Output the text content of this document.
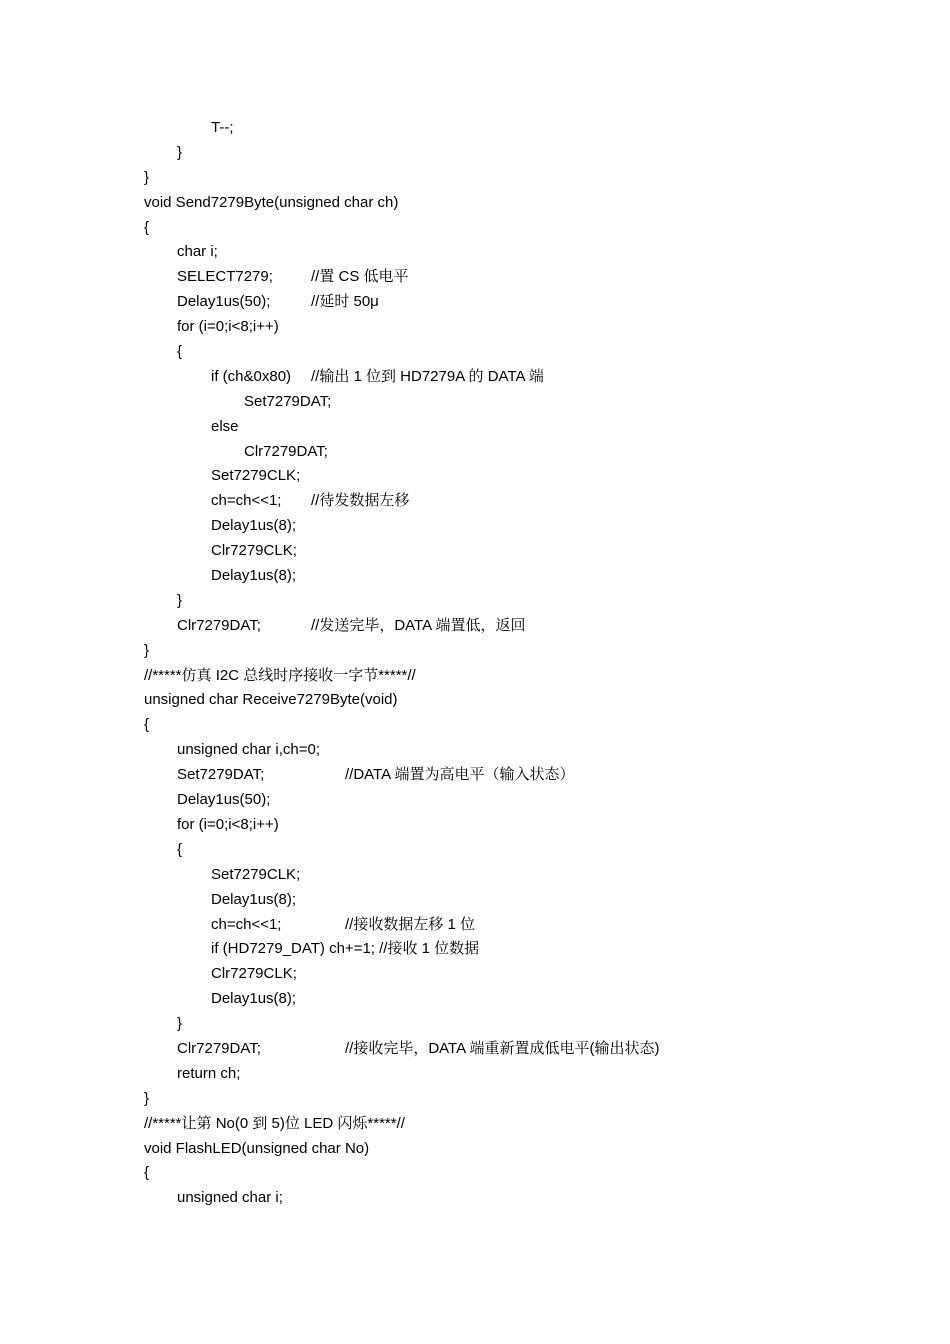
T--;
}
}
void Send7279Byte(unsigned char ch)
{
char i;
SELECT7279;	//置 CS 低电平
Delay1us(50);	//延时 50μ
for (i=0;i<8;i++)
{
if (ch&0x80) //输出 1 位到 HD7279A 的 DATA 端
Set7279DAT;
else
Clr7279DAT;
Set7279CLK;
ch=ch<<1; //待发数据左移
Delay1us(8);
Clr7279CLK;
Delay1us(8);
}
Clr7279DAT;	//发送完毕，DATA 端置低，返回
}
//*****仿真 I2C 总线时序接收一字节*****//
unsigned char Receive7279Byte(void)
{
unsigned char i,ch=0;
Set7279DAT;	//DATA 端置为高电平（输入状态）
Delay1us(50);
for (i=0;i<8;i++)
{
Set7279CLK;
Delay1us(8);
ch=ch<<1;	//接收数据左移 1 位
if (HD7279_DAT) ch+=1; //接收 1 位数据
Clr7279CLK;
Delay1us(8);
}
Clr7279DAT;	//接收完毕，DATA 端重新置成低电平(输出状态)
return ch;
}
//*****让第 No(0 到 5)位 LED 闪烁*****//
void FlashLED(unsigned char No)
{
unsigned char i;
